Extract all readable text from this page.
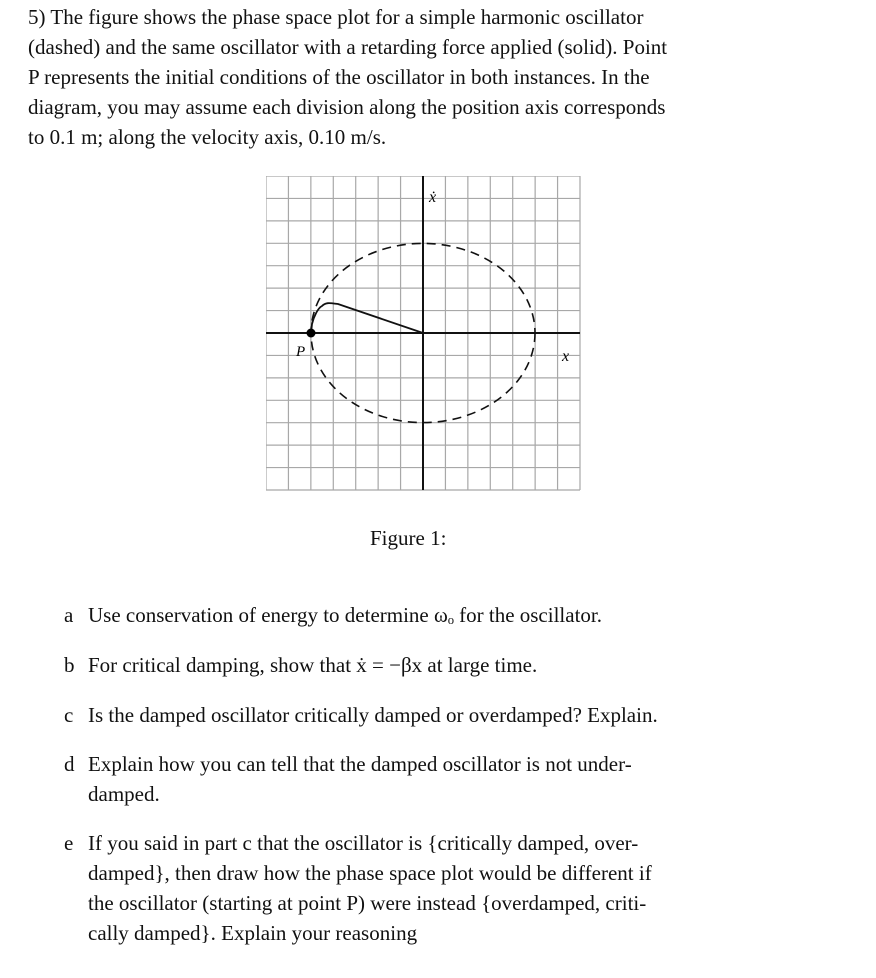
5) The figure shows the phase space plot for a simple harmonic oscillator
(dashed) and the same oscillator with a retarding force applied (solid). Point
P represents the initial conditions of the oscillator in both instances. In the
diagram, you may assume each division along the position axis corresponds
to 0.1 m; along the velocity axis, 0.10 m/s.
P	x
ẋ
Figure 1:
a Use conservation of energy to determine ωₒ for the oscillator.
b For critical damping, show that ẋ = −βx at large time.
c Is the damped oscillator critically damped or overdamped? Explain.
d Explain how you can tell that the damped oscillator is not under-
damped.
e If you said in part c that the oscillator is {critically damped, over-
damped}, then draw how the phase space plot would be different if
the oscillator (starting at point P) were instead {overdamped, criti-
cally damped}. Explain your reasoning
